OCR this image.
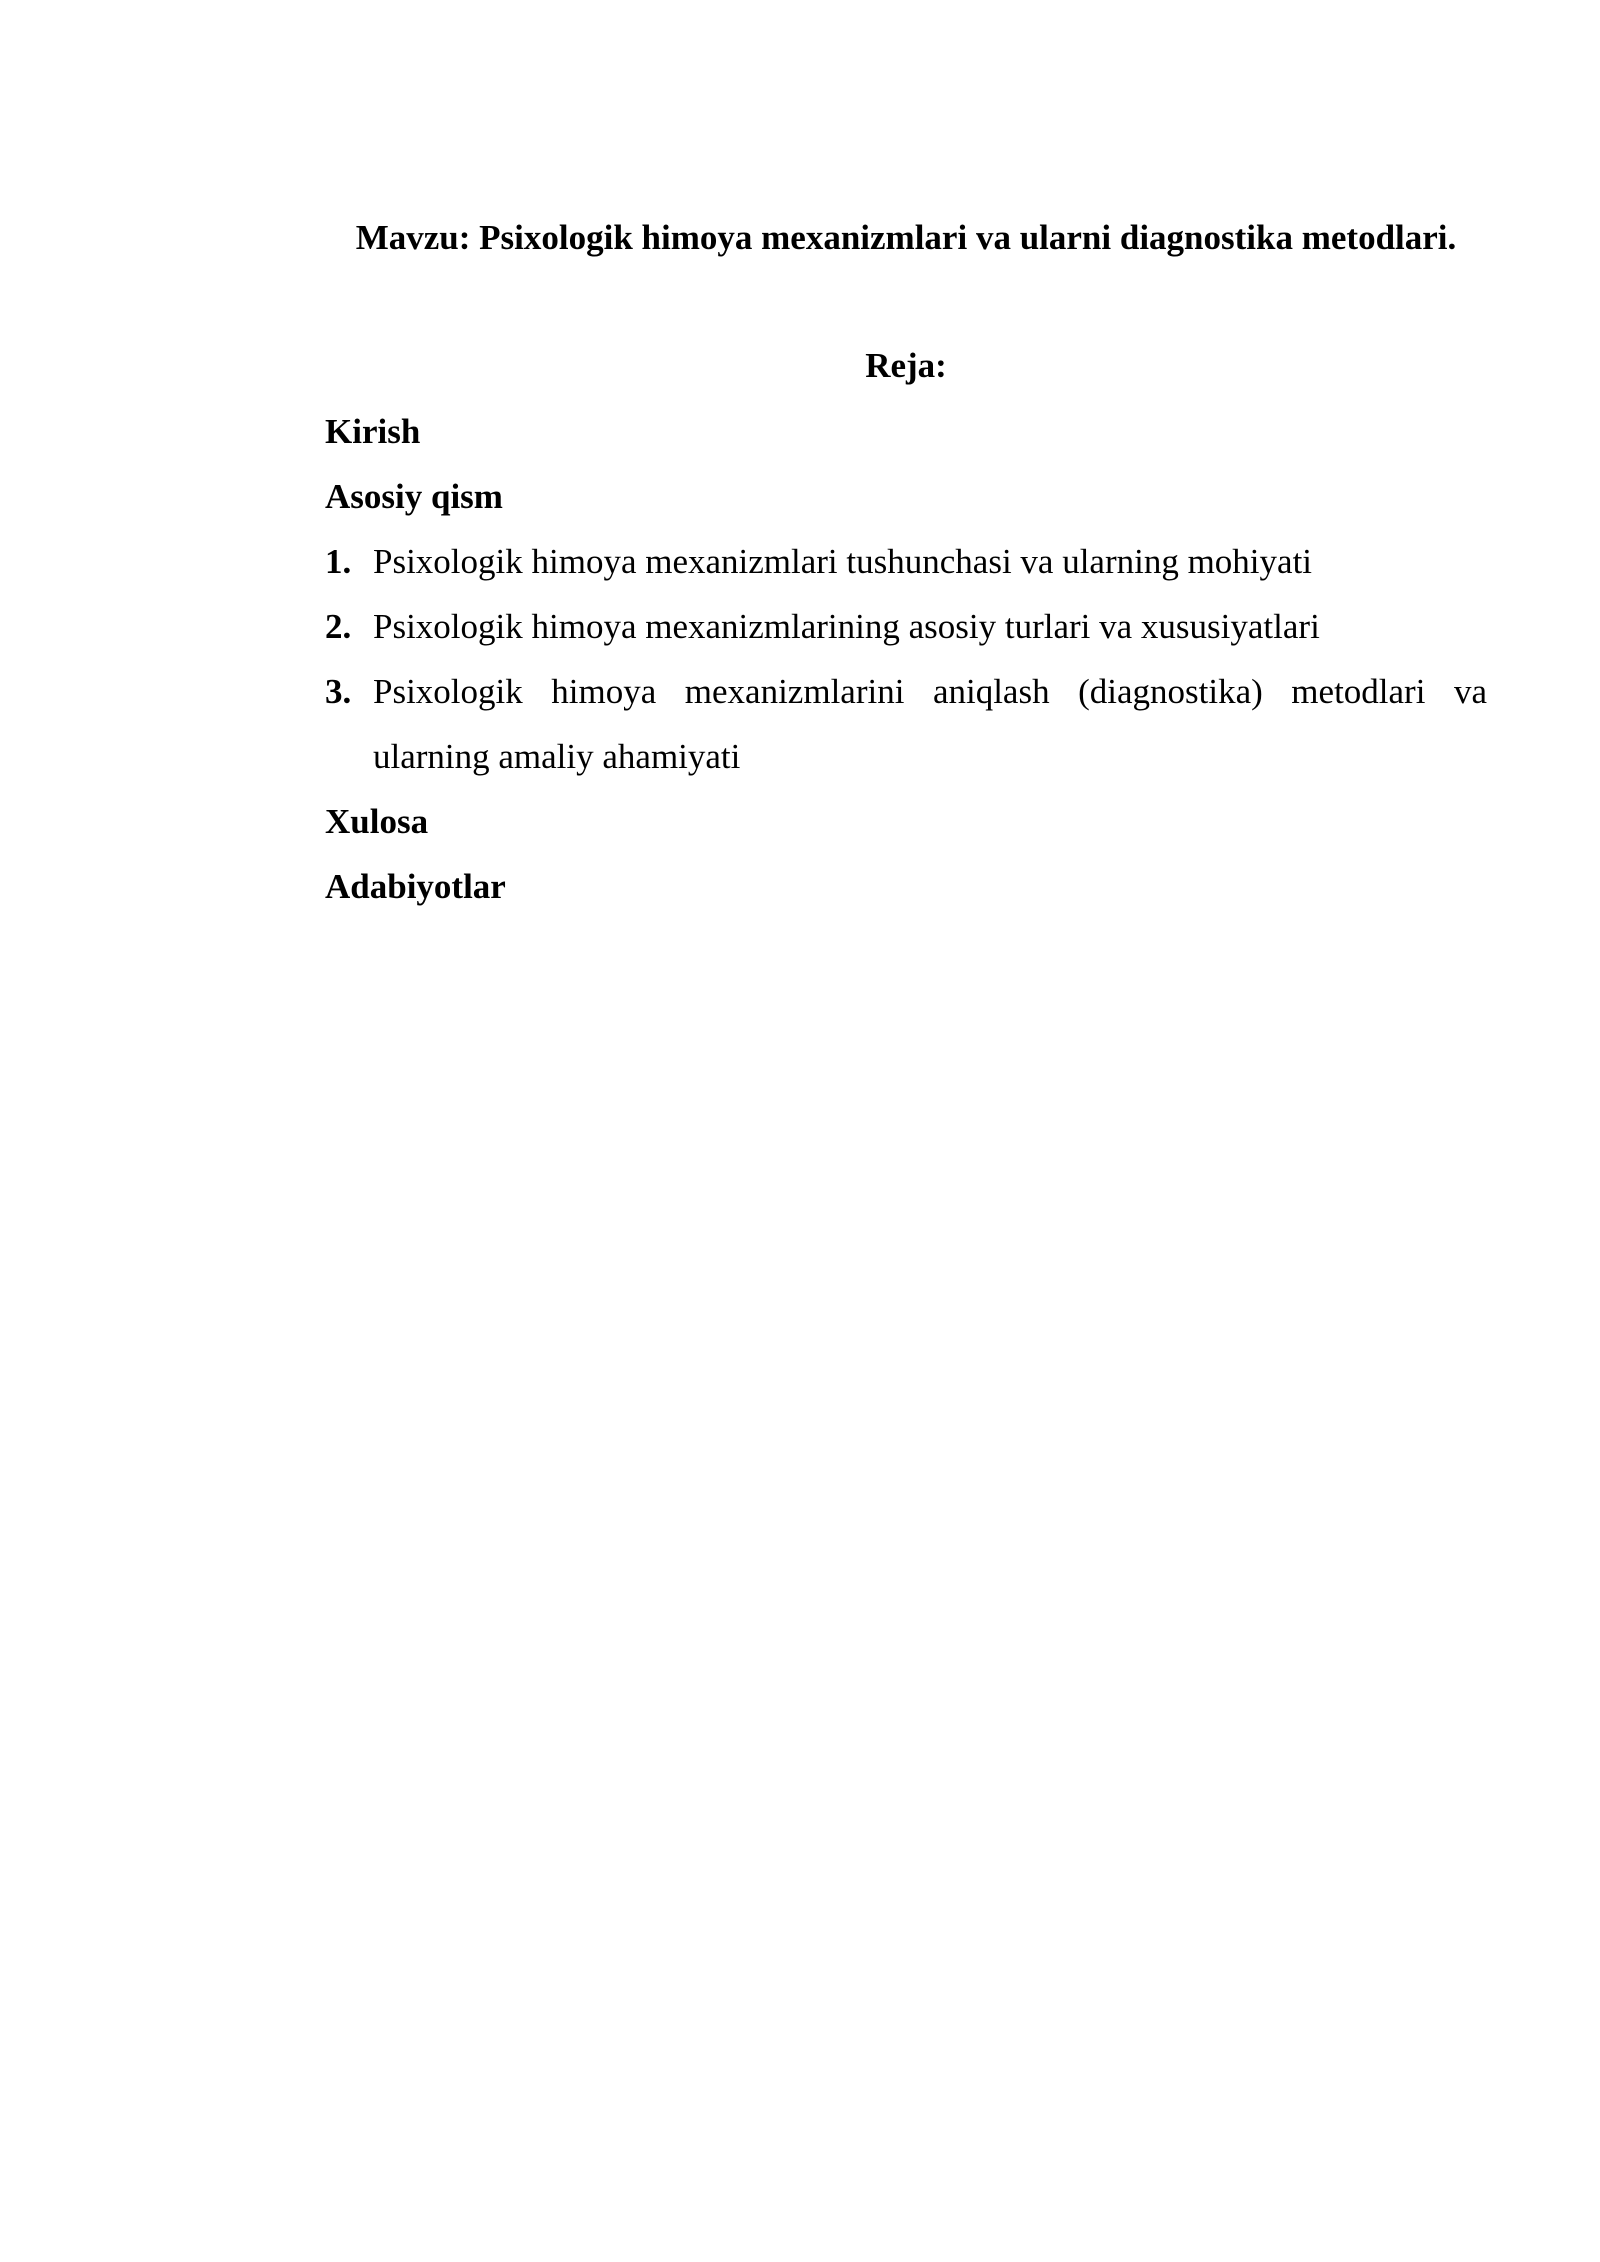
Mavzu: Psixologik himoya mexanizmlari va ularni diagnostika metodlari.

Reja:

Kirish

Asosiy qism

1. Psixologik himoya mexanizmlari tushunchasi va ularning mohiyati
2. Psixologik himoya mexanizmlarining asosiy turlari va xususiyatlari
3. Psixologik himoya mexanizmlarini aniqlash (diagnostika) metodlari va ularning amaliy ahamiyati

Xulosa

Adabiyotlar
